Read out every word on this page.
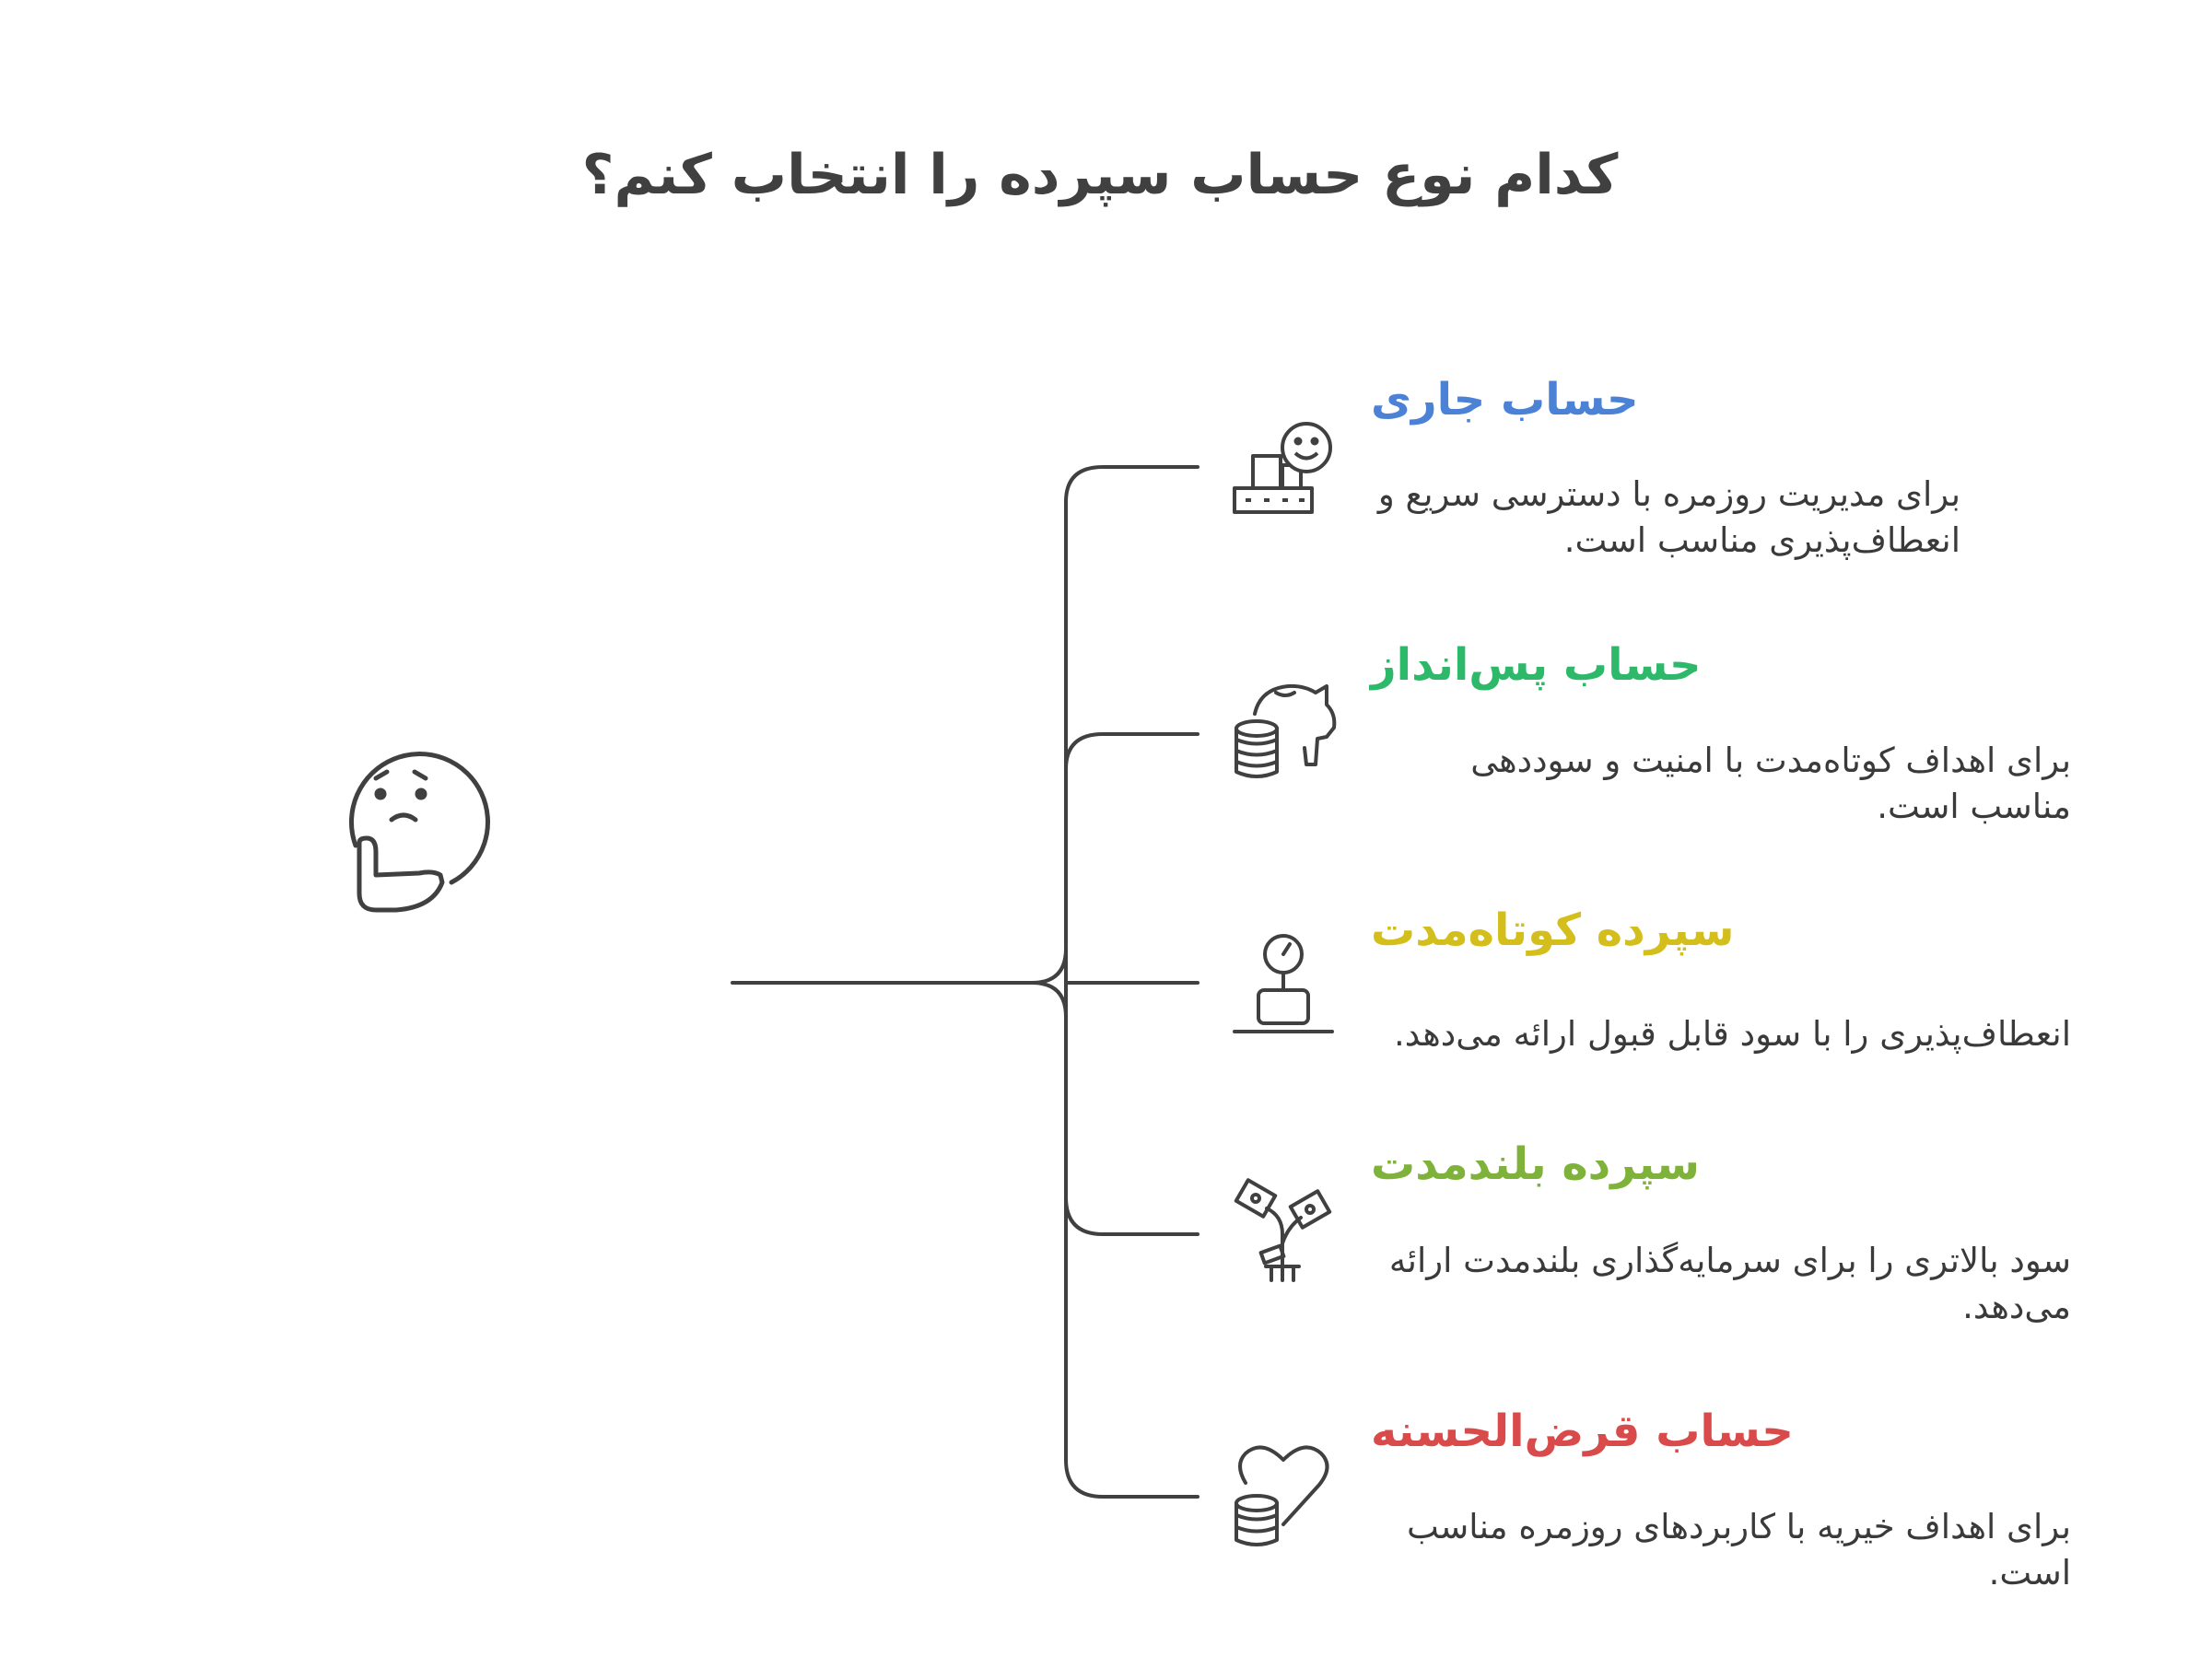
کدام نوع حساب سپرده را انتخاب کنم؟
حساب جاری
برای مدیریت روزمره با دسترسی سریع و انعطاف‌پذیری مناسب است.
حساب پس‌انداز
برای اهداف کوتاه‌مدت با امنیت و سوددهی مناسب است.
سپرده کوتاه‌مدت
انعطاف‌پذیری را با سود قابل قبول ارائه می‌دهد.
سپرده بلندمدت
سود بالاتری را برای سرمایه‌گذاری بلندمدت ارائه می‌دهد.
حساب قرض‌الحسنه
برای اهداف خیریه با کاربردهای روزمره مناسب است.
